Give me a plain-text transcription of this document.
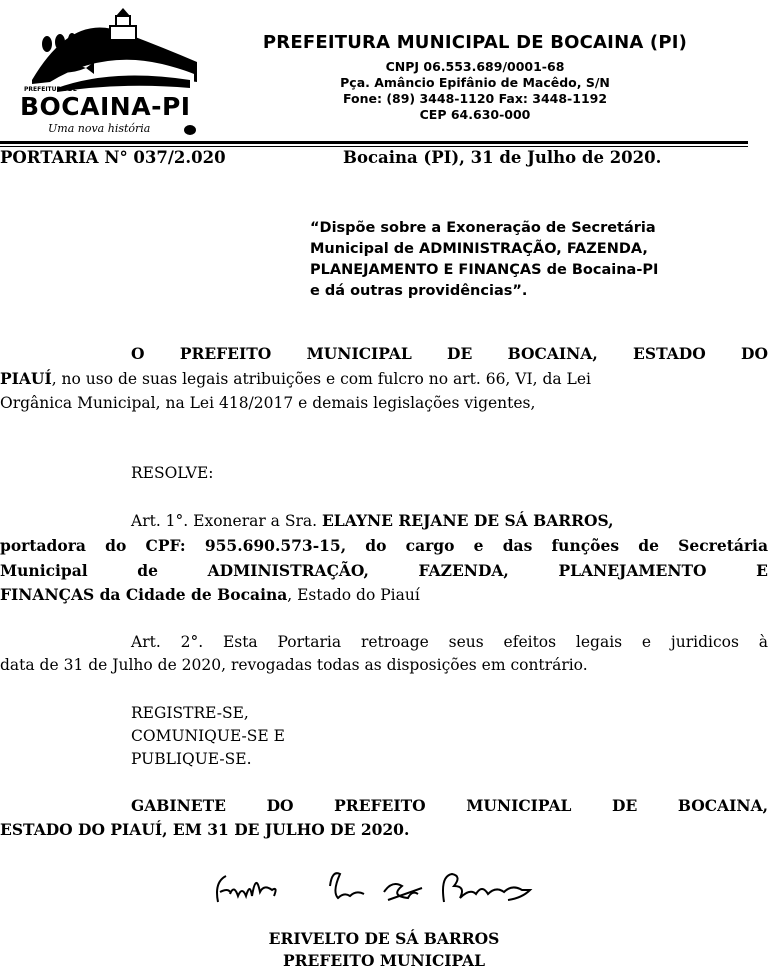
PREFEITURA DE
BOCAINA-PI
Uma nova história
PREFEITURA MUNICIPAL DE BOCAINA (PI)
CNPJ 06.553.689/0001-68
Pça. Amâncio Epifânio de Macêdo, S/N
Fone: (89) 3448-1120 Fax: 3448-1192
CEP 64.630-000
PORTARIA N° 037/2.020	Bocaina (PI), 31 de Julho de 2020.
“Dispõe sobre a Exoneração de Secretária
Municipal de ADMINISTRAÇÃO, FAZENDA,
PLANEJAMENTO E FINANÇAS de Bocaina-PI
e dá outras providências”.
O PREFEITO MUNICIPAL DE BOCAINA, ESTADO DO
PIAUÍ, no uso de suas legais atribuições e com fulcro no art. 66, VI, da Lei
Orgânica Municipal, na Lei 418/2017 e demais legislações vigentes,
RESOLVE:
Art. 1°. Exonerar a Sra. ELAYNE REJANE DE SÁ BARROS,
portadora do CPF: 955.690.573-15, do cargo e das funções de Secretária
Municipal de ADMINISTRAÇÃO, FAZENDA, PLANEJAMENTO E
FINANÇAS da Cidade de Bocaina, Estado do Piauí
Art. 2°. Esta Portaria retroage seus efeitos legais e juridicos à
data de 31 de Julho de 2020, revogadas todas as disposições em contrário.
REGISTRE-SE,
COMUNIQUE-SE E
PUBLIQUE-SE.
GABINETE DO PREFEITO MUNICIPAL DE BOCAINA,
ESTADO DO PIAUÍ, EM 31 DE JULHO DE 2020.
ERIVELTO DE SÁ BARROS
PREFEITO MUNICIPAL
